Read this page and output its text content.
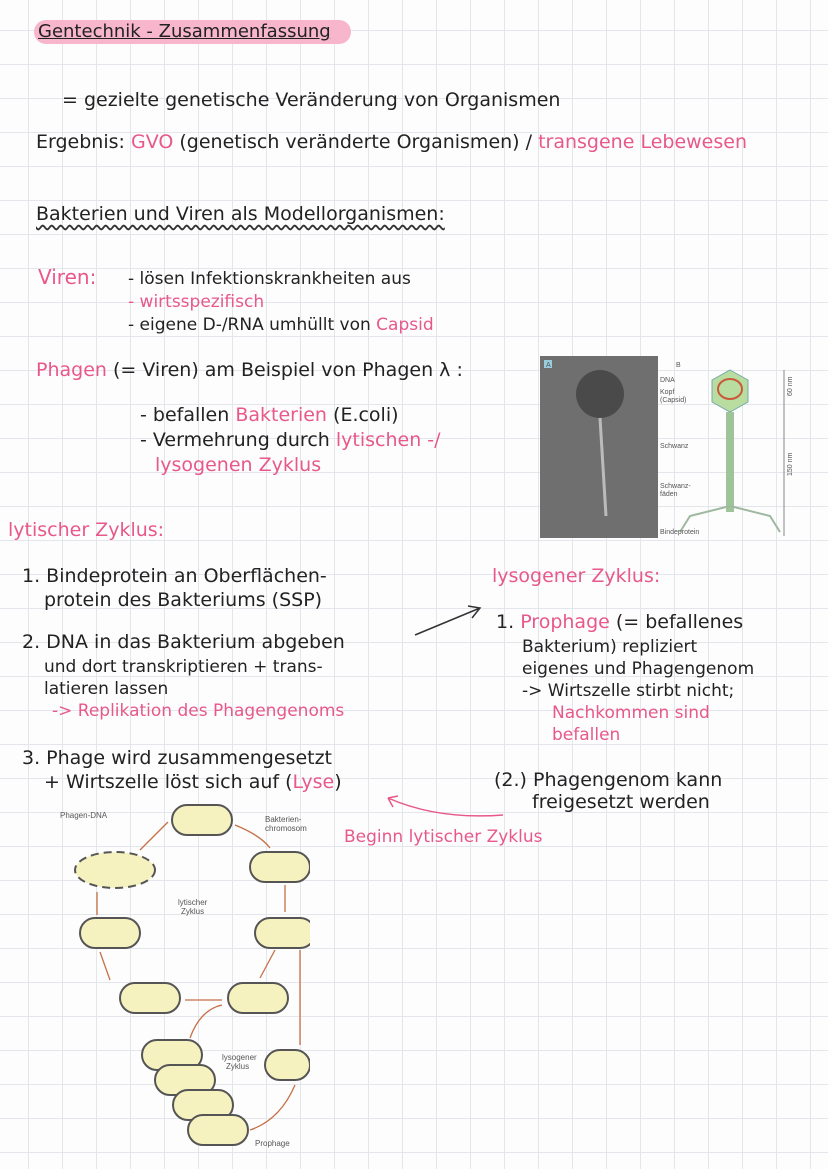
Gentechnik - Zusammenfassung
= gezielte genetische Veränderung von Organismen
Ergebnis: GVO (genetisch veränderte Organismen) / transgene Lebewesen
Bakterien und Viren als Modellorganismen:
Viren: - lösen Infektionskrankheiten aus
- wirtsspezifisch
- eigene D-/RNA umhüllt von Capsid
Phagen (= Viren) am Beispiel von Phagen λ :
- befallen Bakterien (E.coli)
- Vermehrung durch lytischen -/
lysogenen Zyklus
A	B
DNA
Kopf
(Capsid)
Schwanz
Schwanz-
fäden
Bindeprotein
60 nm
150 nm
lytischer Zyklus:
1. Bindeprotein an Oberflächen-
protein des Bakteriums (SSP)
2. DNA in das Bakterium abgeben
und dort transkriptieren + trans-
latieren lassen
-> Replikation des Phagengenoms
3. Phage wird zusammengesetzt
+ Wirtszelle löst sich auf (Lyse)
lysogener Zyklus:
1. Prophage (= befallenes
Bakterium) repliziert
eigenes und Phagengenom
-> Wirtszelle stirbt nicht;
Nachkommen sind
befallen
(2.) Phagengenom kann
freigesetzt werden
Beginn lytischer Zyklus
Phagen-DNA	Bakterien-
chromosom
lytischer
Zyklus
lysogener
Zyklus
Prophage
